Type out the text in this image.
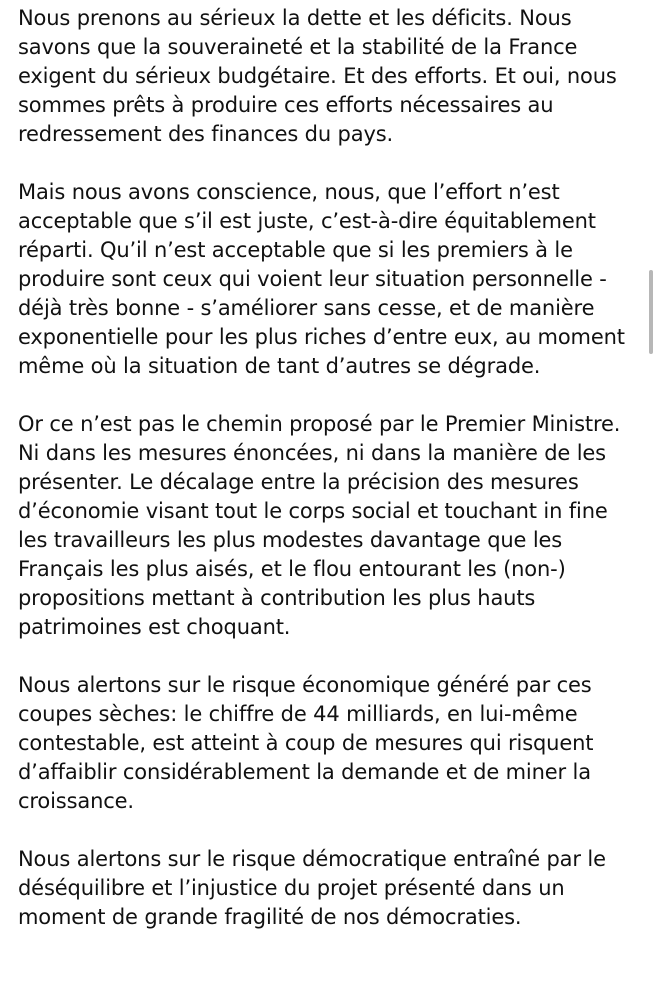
Nous prenons au sérieux la dette et les déficits. Nous savons que la souveraineté et la stabilité de la France exigent du sérieux budgétaire. Et des efforts. Et oui, nous sommes prêts à produire ces efforts nécessaires au redressement des finances du pays.

Mais nous avons conscience, nous, que l’effort n’est acceptable que s’il est juste, c’est-à-dire équitablement réparti. Qu’il n’est acceptable que si les premiers à le produire sont ceux qui voient leur situation personnelle - déjà très bonne - s’améliorer sans cesse, et de manière exponentielle pour les plus riches d’entre eux, au moment même où la situation de tant d’autres se dégrade.

Or ce n’est pas le chemin proposé par le Premier Ministre. Ni dans les mesures énoncées, ni dans la manière de les présenter. Le décalage entre la précision des mesures d’économie visant tout le corps social et touchant in fine les travailleurs les plus modestes davantage que les Français les plus aisés, et le flou entourant les (non-) propositions mettant à contribution les plus hauts patrimoines est choquant.

Nous alertons sur le risque économique généré par ces coupes sèches: le chiffre de 44 milliards, en lui-même contestable, est atteint à coup de mesures qui risquent d’affaiblir considérablement la demande et de miner la croissance.

Nous alertons sur le risque démocratique entraîné par le déséquilibre et l’injustice du projet présenté dans un moment de grande fragilité de nos démocraties.
